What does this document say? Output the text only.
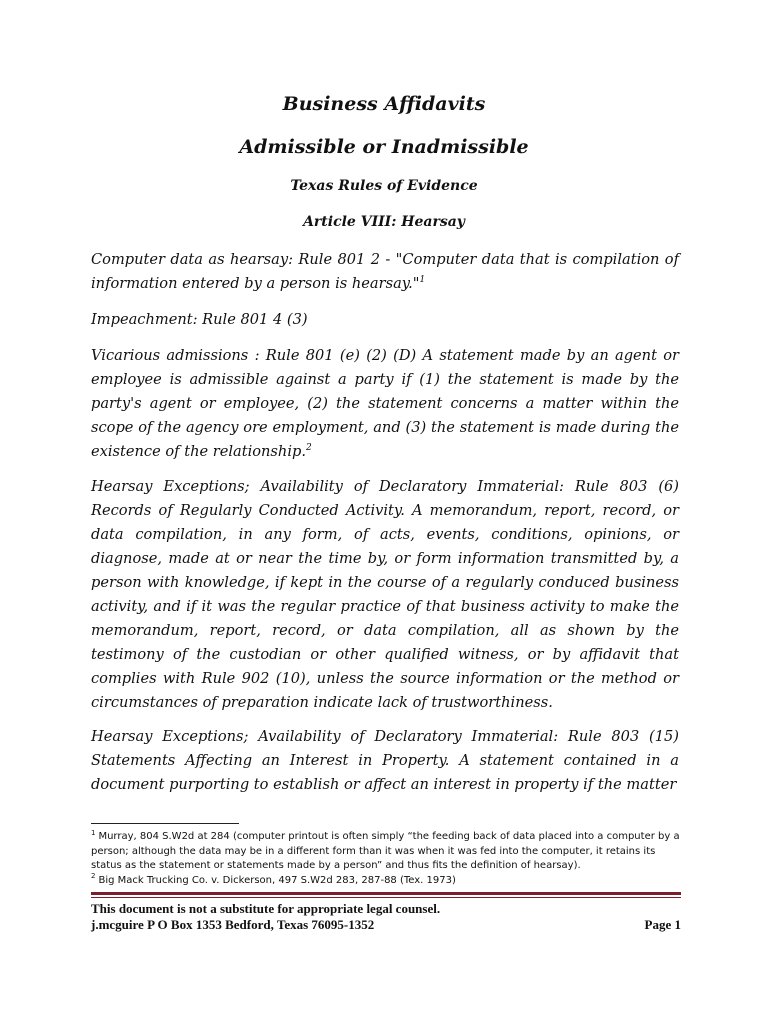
Business Affidavits
Admissible or Inadmissible
Texas Rules of Evidence
Article VIII: Hearsay

Computer data as hearsay: Rule 801 2 - "Computer data that is compilation of information entered by a person is hearsay."$^1$

Impeachment: Rule 801 4 (3)

Vicarious admissions : Rule 801 (e) (2) (D) A statement made by an agent or employee is admissible against a party if (1) the statement is made by the party's agent or employee, (2) the statement concerns a matter within the scope of the agency ore employment, and (3) the statement is made during the existence of the relationship.$^2$

Hearsay Exceptions; Availability of Declaratory Immaterial: Rule 803 (6) Records of Regularly Conducted Activity. A memorandum, report, record, or data compilation, in any form, of acts, events, conditions, opinions, or diagnose, made at or near the time by, or form information transmitted by, a person with knowledge, if kept in the course of a regularly conduced business activity, and if it was the regular practice of that business activity to make the memorandum, report, record, or data compilation, all as shown by the testimony of the custodian or other qualified witness, or by affidavit that complies with Rule 902 (10), unless the source information or the method or circumstances of preparation indicate lack of trustworthiness.

Hearsay Exceptions; Availability of Declaratory Immaterial: Rule 803 (15) Statements Affecting an Interest in Property. A statement contained in a document purporting to establish or affect an interest in property if the matter

$^1$ Murray, 804 S.W2d at 284 (computer printout is often simply “the feeding back of data placed into a computer by a person; although the data may be in a different form than it was when it was fed into the computer, it retains its status as the statement or statements made by a person” and thus fits the definition of hearsay).

$^2$ Big Mack Trucking Co. v. Dickerson, 497 S.W2d 283, 287-88 (Tex. 1973)

This document is not a substitute for appropriate legal counsel.
j.mcguire P O Box 1353 Bedford, Texas 76095-1352	Page 1
